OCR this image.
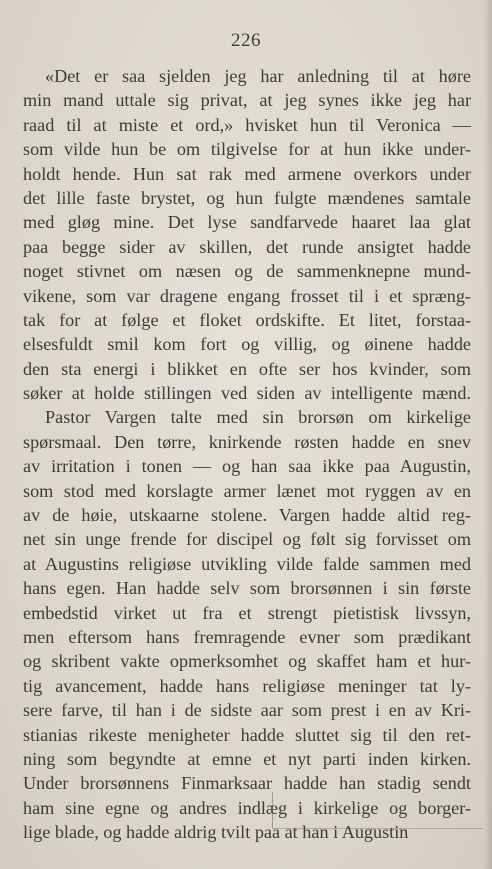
226
«Det er saa sjelden jeg har anledning til at høre
min mand uttale sig privat, at jeg synes ikke jeg har
raad til at miste et ord,» hvisket hun til Veronica —
som vilde hun be om tilgivelse for at hun ikke under-
holdt hende. Hun sat rak med armene overkors under
det lille faste brystet, og hun fulgte mændenes samtale
med gløg mine. Det lyse sandfarvede haaret laa glat
paa begge sider av skillen, det runde ansigtet hadde
noget stivnet om næsen og de sammenknepne mund-
vikene, som var dragene engang frosset til i et spræng-
tak for at følge et floket ordskifte. Et litet, forstaa-
elsesfuldt smil kom fort og villig, og øinene hadde
den sta energi i blikket en ofte ser hos kvinder, som
søker at holde stillingen ved siden av intelligente mænd.
Pastor Vargen talte med sin brorsøn om kirkelige
spørsmaal. Den tørre, knirkende røsten hadde en snev
av irritation i tonen — og han saa ikke paa Augustin,
som stod med korslagte armer lænet mot ryggen av en
av de høie, utskaarne stolene. Vargen hadde altid reg-
net sin unge frende for discipel og følt sig forvisset om
at Augustins religiøse utvikling vilde falde sammen med
hans egen. Han hadde selv som brorsønnen i sin første
embedstid virket ut fra et strengt pietistisk livssyn,
men eftersom hans fremragende evner som prædikant
og skribent vakte opmerksomhet og skaffet ham et hur-
tig avancement, hadde hans religiøse meninger tat ly-
sere farve, til han i de sidste aar som prest i en av Kri-
stianias rikeste menigheter hadde sluttet sig til den ret-
ning som begyndte at emne et nyt parti inden kirken.
Under brorsønnens Finmarksaar hadde han stadig sendt
ham sine egne og andres indlæg i kirkelige og borger-
lige blade, og hadde aldrig tvilt paa at han i Augustin
